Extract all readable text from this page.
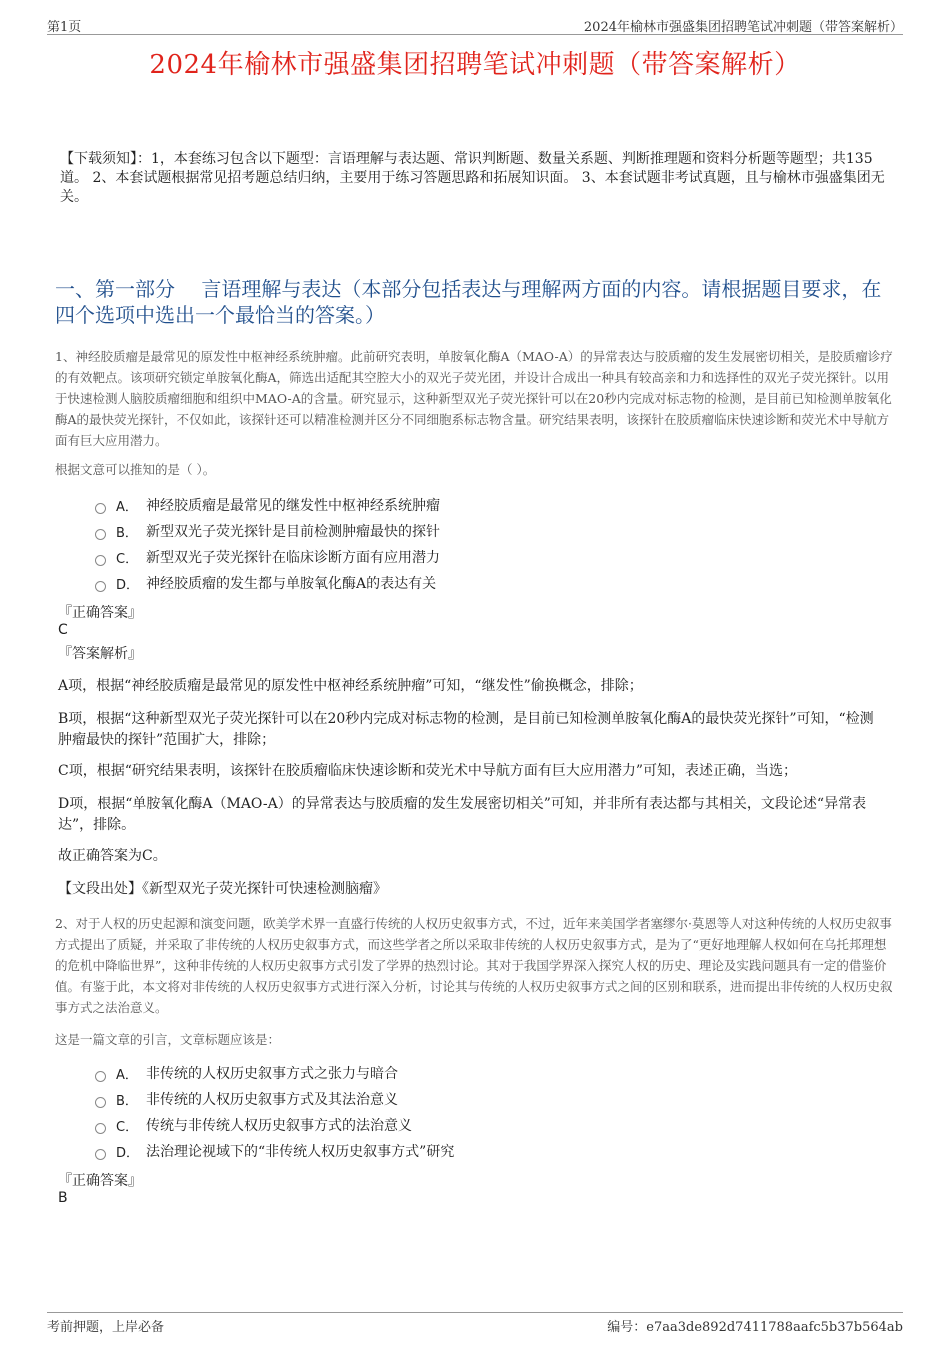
第1页	2024年榆林市强盛集团招聘笔试冲刺题（带答案解析）
2024年榆林市强盛集团招聘笔试冲刺题（带答案解析）
【下载须知】：1，本套练习包含以下题型：言语理解与表达题、常识判断题、数量关系题、判断推理题和资料分析题等题型；共135道。 2、本套试题根据常见招考题总结归纳，主要用于练习答题思路和拓展知识面。 3、本套试题非考试真题，且与榆林市强盛集团无关。
一、第一部分　 言语理解与表达（本部分包括表达与理解两方面的内容。请根据题目要求，在四个选项中选出一个最恰当的答案。）
1、神经胶质瘤是最常见的原发性中枢神经系统肿瘤。此前研究表明，单胺氧化酶A（MAO-A）的异常表达与胶质瘤的发生发展密切相关，是胶质瘤诊疗的有效靶点。该项研究锁定单胺氧化酶A，筛选出适配其空腔大小的双光子荧光团，并设计合成出一种具有较高亲和力和选择性的双光子荧光探针。以用于快速检测人脑胶质瘤细胞和组织中MAO-A的含量。研究显示，这种新型双光子荧光探针可以在20秒内完成对标志物的检测，是目前已知检测单胺氧化酶A的最快荧光探针，不仅如此，该探针还可以精准检测并区分不同细胞系标志物含量。研究结果表明，该探针在胶质瘤临床快速诊断和荧光术中导航方面有巨大应用潜力。
根据文意可以推知的是（ ）。
A． 神经胶质瘤是最常见的继发性中枢神经系统肿瘤
B． 新型双光子荧光探针是目前检测肿瘤最快的探针
C． 新型双光子荧光探针在临床诊断方面有应用潜力
D． 神经胶质瘤的发生都与单胺氧化酶A的表达有关
『正确答案』
C
『答案解析』
A项，根据“神经胶质瘤是最常见的原发性中枢神经系统肿瘤”可知，“继发性”偷换概念，排除；
B项，根据“这种新型双光子荧光探针可以在20秒内完成对标志物的检测，是目前已知检测单胺氧化酶A的最快荧光探针”可知，“检测肿瘤最快的探针”范围扩大，排除；
C项，根据“研究结果表明，该探针在胶质瘤临床快速诊断和荧光术中导航方面有巨大应用潜力”可知，表述正确，当选；
D项，根据“单胺氧化酶A（MAO-A）的异常表达与胶质瘤的发生发展密切相关”可知，并非所有表达都与其相关，文段论述“异常表达”，排除。
故正确答案为C。
【文段出处】《新型双光子荧光探针可快速检测脑瘤》
2、对于人权的历史起源和演变问题，欧美学术界一直盛行传统的人权历史叙事方式，不过，近年来美国学者塞缪尔·莫恩等人对这种传统的人权历史叙事方式提出了质疑，并采取了非传统的人权历史叙事方式，而这些学者之所以采取非传统的人权历史叙事方式，是为了“更好地理解人权如何在乌托邦理想的危机中降临世界”，这种非传统的人权历史叙事方式引发了学界的热烈讨论。其对于我国学界深入探究人权的历史、理论及实践问题具有一定的借鉴价值。有鉴于此，本文将对非传统的人权历史叙事方式进行深入分析，讨论其与传统的人权历史叙事方式之间的区别和联系，进而提出非传统的人权历史叙事方式之法治意义。
这是一篇文章的引言，文章标题应该是：
A． 非传统的人权历史叙事方式之张力与暗合
B． 非传统的人权历史叙事方式及其法治意义
C． 传统与非传统人权历史叙事方式的法治意义
D． 法治理论视域下的“非传统人权历史叙事方式”研究
『正确答案』
B
考前押题，上岸必备	编号：e7aa3de892d7411788aafc5b37b564ab
